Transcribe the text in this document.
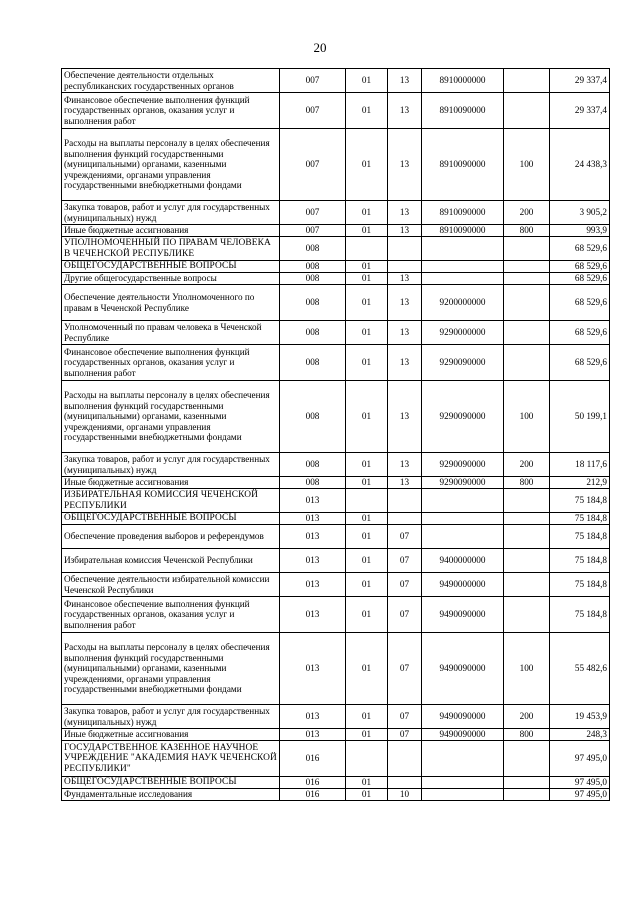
20
Обеспечение деятельности отдельных республиканских государственных органов	007	01	13	8910000000		29 337,4
Финансовое обеспечение выполнения функций государственных органов, оказания услуг и выполнения работ	007	01	13	8910090000		29 337,4
Расходы на выплаты персоналу в целях обеспечения выполнения функций государственными (муниципальными) органами, казенными учреждениями, органами управления государственными внебюджетными фондами	007	01	13	8910090000	100	24 438,3
Закупка товаров, работ и услуг для государственных (муниципальных) нужд	007	01	13	8910090000	200	3 905,2
Иные бюджетные ассигнования	007	01	13	8910090000	800	993,9
УПОЛНОМОЧЕННЫЙ ПО ПРАВАМ ЧЕЛОВЕКА В ЧЕЧЕНСКОЙ РЕСПУБЛИКЕ	008					68 529,6
ОБЩЕГОСУДАРСТВЕННЫЕ ВОПРОСЫ	008	01				68 529,6
Другие общегосударственные вопросы	008	01	13			68 529,6
Обеспечение деятельности Уполномоченного по правам в Чеченской Республике	008	01	13	9200000000		68 529,6
Уполномоченный по правам человека в Чеченской Республике	008	01	13	9290000000		68 529,6
Финансовое обеспечение выполнения функций государственных органов, оказания услуг и выполнения работ	008	01	13	9290090000		68 529,6
Расходы на выплаты персоналу в целях обеспечения выполнения функций государственными (муниципальными) органами, казенными учреждениями, органами управления государственными внебюджетными фондами	008	01	13	9290090000	100	50 199,1
Закупка товаров, работ и услуг для государственных (муниципальных) нужд	008	01	13	9290090000	200	18 117,6
Иные бюджетные ассигнования	008	01	13	9290090000	800	212,9
ИЗБИРАТЕЛЬНАЯ КОМИССИЯ ЧЕЧЕНСКОЙ РЕСПУБЛИКИ	013					75 184,8
ОБЩЕГОСУДАРСТВЕННЫЕ ВОПРОСЫ	013	01				75 184,8
Обеспечение проведения выборов и референдумов	013	01	07			75 184,8
Избирательная комиссия Чеченской Республики	013	01	07	9400000000		75 184,8
Обеспечение деятельности избирательной комиссии Чеченской Республики	013	01	07	9490000000		75 184,8
Финансовое обеспечение выполнения функций государственных органов, оказания услуг и выполнения работ	013	01	07	9490090000		75 184,8
Расходы на выплаты персоналу в целях обеспечения выполнения функций государственными (муниципальными) органами, казенными учреждениями, органами управления государственными внебюджетными фондами	013	01	07	9490090000	100	55 482,6
Закупка товаров, работ и услуг для государственных (муниципальных) нужд	013	01	07	9490090000	200	19 453,9
Иные бюджетные ассигнования	013	01	07	9490090000	800	248,3
ГОСУДАРСТВЕННОЕ КАЗЕННОЕ НАУЧНОЕ УЧРЕЖДЕНИЕ "АКАДЕМИЯ НАУК ЧЕЧЕНСКОЙ РЕСПУБЛИКИ"	016					97 495,0
ОБЩЕГОСУДАРСТВЕННЫЕ ВОПРОСЫ	016	01				97 495,0
Фундаментальные исследования	016	01	10			97 495,0
